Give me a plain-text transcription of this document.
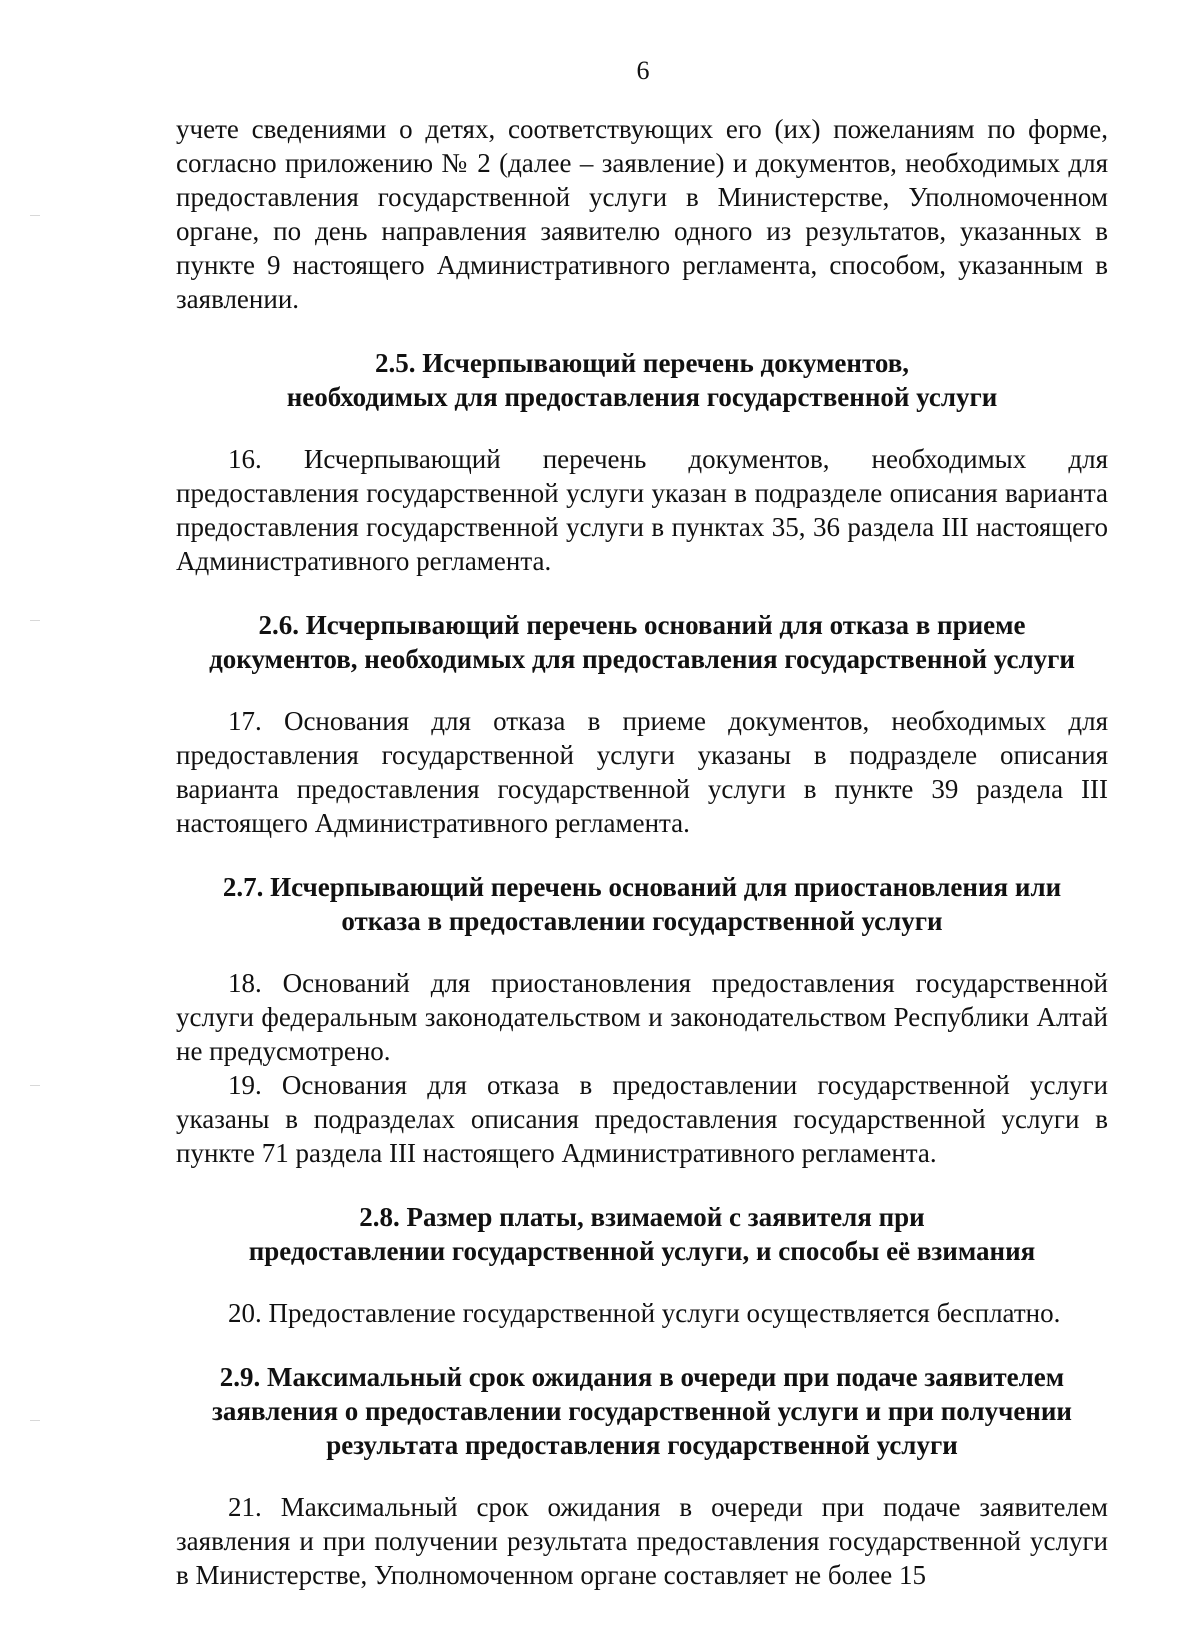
6

учете сведениями о детях, соответствующих его (их) пожеланиям по форме, согласно приложению № 2 (далее – заявление) и документов, необходимых для предоставления государственной услуги в Министерстве, Уполномоченном органе, по день направления заявителю одного из результатов, указанных в пункте 9 настоящего Административного регламента, способом, указанным в заявлении.

2.5. Исчерпывающий перечень документов,
необходимых для предоставления государственной услуги

16. Исчерпывающий перечень документов, необходимых для предоставления государственной услуги указан в подразделе описания варианта предоставления государственной услуги в пунктах 35, 36 раздела III настоящего Административного регламента.

2.6. Исчерпывающий перечень оснований для отказа в приеме
документов, необходимых для предоставления государственной услуги

17. Основания для отказа в приеме документов, необходимых для предоставления государственной услуги указаны в подразделе описания варианта предоставления государственной услуги в пункте 39 раздела III настоящего Административного регламента.

2.7. Исчерпывающий перечень оснований для приостановления или
отказа в предоставлении государственной услуги

18. Оснований для приостановления предоставления государственной услуги федеральным законодательством и законодательством Республики Алтай не предусмотрено.

19. Основания для отказа в предоставлении государственной услуги указаны в подразделах описания предоставления государственной услуги в пункте 71 раздела III настоящего Административного регламента.

2.8. Размер платы, взимаемой с заявителя при
предоставлении государственной услуги, и способы её взимания

20. Предоставление государственной услуги осуществляется бесплатно.

2.9. Максимальный срок ожидания в очереди при подаче заявителем
заявления о предоставлении государственной услуги и при получении
результата предоставления государственной услуги

21. Максимальный срок ожидания в очереди при подаче заявителем заявления и при получении результата предоставления государственной услуги в Министерстве, Уполномоченном органе составляет не более 15
